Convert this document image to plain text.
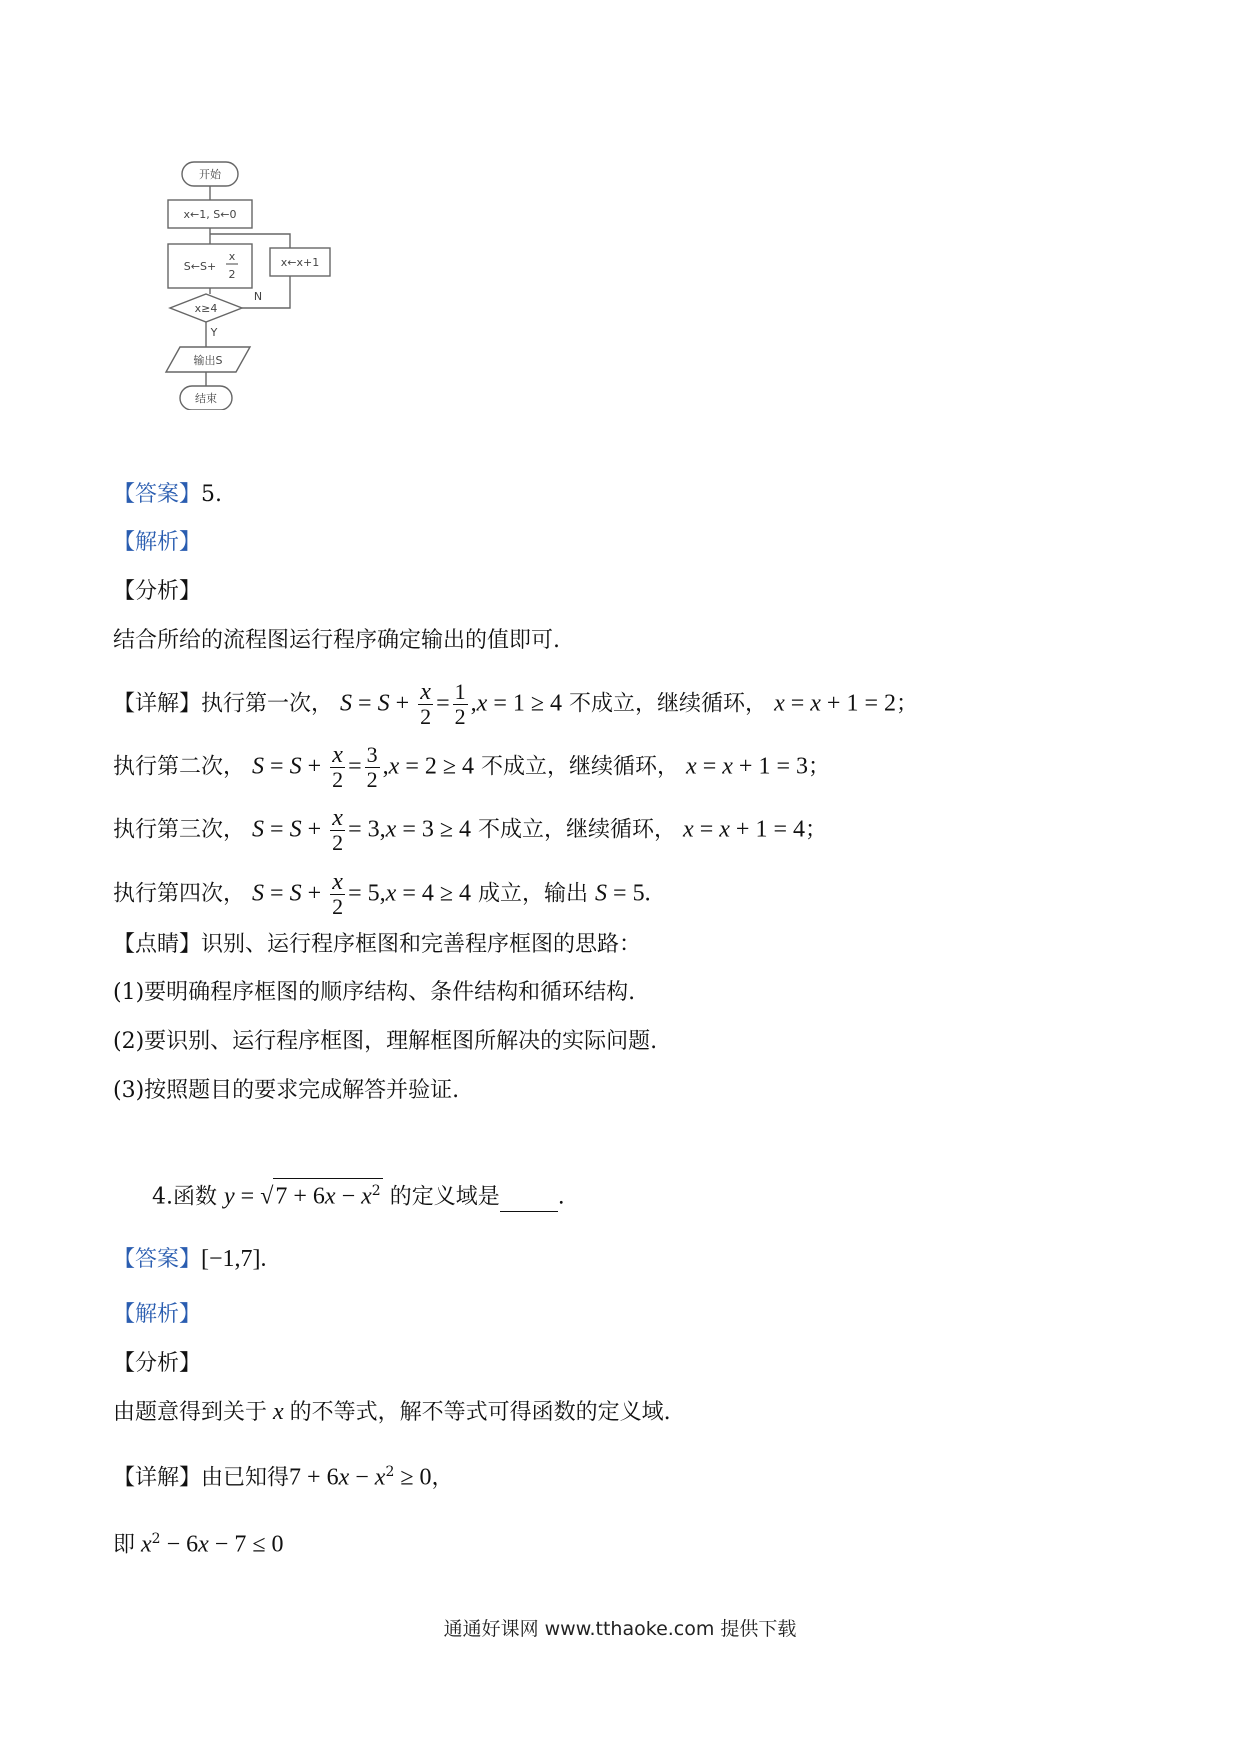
开始
x←1, S←0
S←S+
x
2
x←x+1
x≥4
N
Y
输出S
结束
【答案】5.
【解析】
【分析】
结合所给的流程图运行程序确定输出的值即可.
【详解】执行第一次， $S = S + \frac{x}{2} = \frac{1}{2} ,x = 1 \ge 4$ 不成立，继续循环， x = x + 1 = 2；
执行第二次， $S = S + \frac{x}{2} = \frac{3}{2} ,x = 2 \ge 4$ 不成立，继续循环， x = x + 1 = 3；
执行第三次， $S = S + \frac{x}{2} = 3,x = 3 \ge 4$ 不成立，继续循环， x = x + 1 = 4；
执行第四次， $S = S + \frac{x}{2} = 5,x = 4 \ge 4$ 成立，输出 S = 5.
【点睛】识别、运行程序框图和完善程序框图的思路：
(1)要明确程序框图的顺序结构、条件结构和循环结构.
(2)要识别、运行程序框图，理解框图所解决的实际问题.
(3)按照题目的要求完成解答并验证.
4.函数 $y = √7 + 6x - x^2$ 的定义域是	.
【答案】[−1,7].
【解析】
【分析】
由题意得到关于 x 的不等式，解不等式可得函数的定义域.
【详解】由已知得$7 + 6x - x^2 \ge 0$，
即 $x^2 - 6x - 7 \le 0$
通通好课网 www.tthaoke.com 提供下载
